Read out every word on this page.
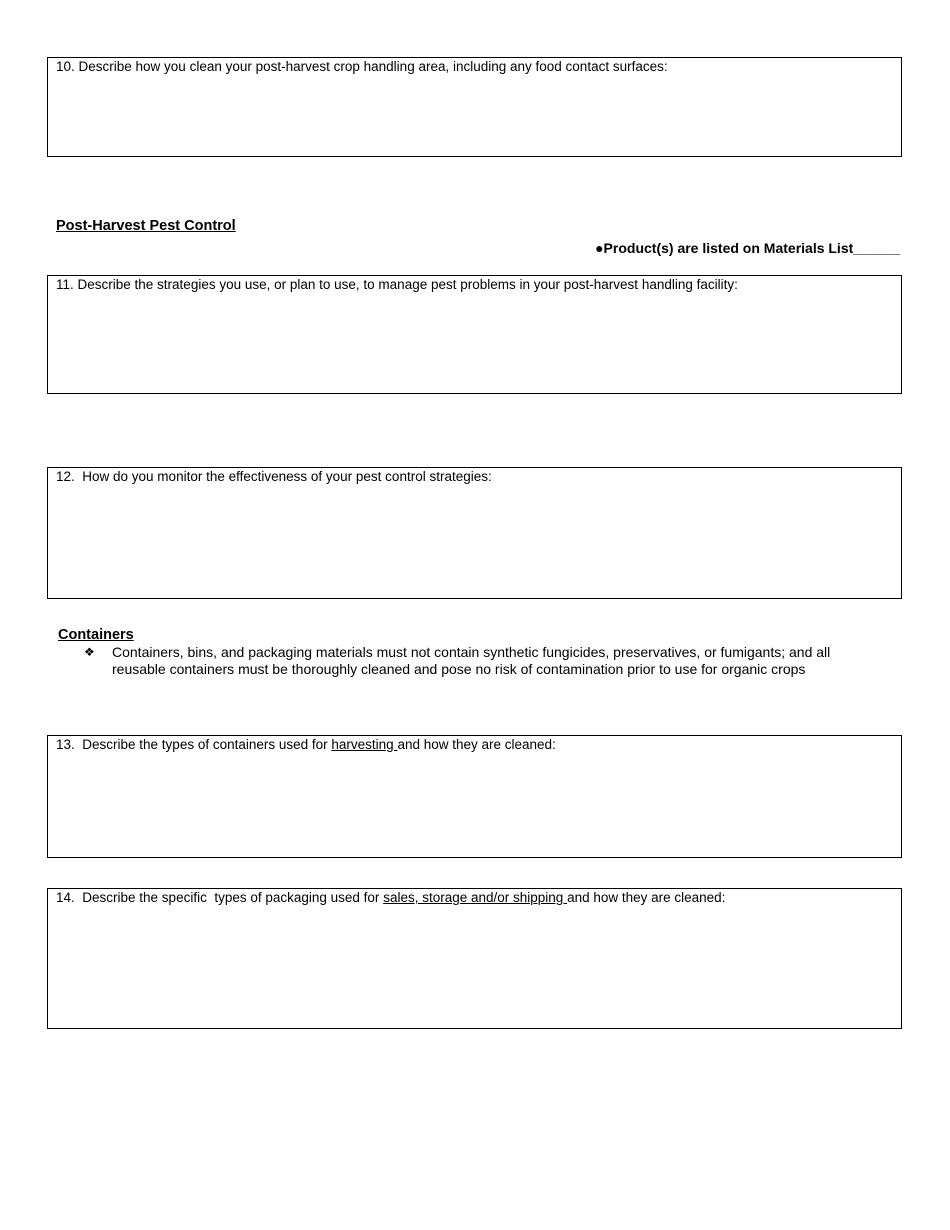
10. Describe how you clean your post-harvest crop handling area, including any food contact surfaces:
Post-Harvest Pest Control
●Product(s) are listed on Materials List______
11. Describe the strategies you use, or plan to use, to manage pest problems in your post-harvest handling facility:
12.  How do you monitor the effectiveness of your pest control strategies:
Containers
❖ Containers, bins, and packaging materials must not contain synthetic fungicides, preservatives, or fumigants; and all reusable containers must be thoroughly cleaned and pose no risk of contamination prior to use for organic crops
13.  Describe the types of containers used for harvesting and how they are cleaned:
14.  Describe the specific  types of packaging used for sales, storage and/or shipping and how they are cleaned:
